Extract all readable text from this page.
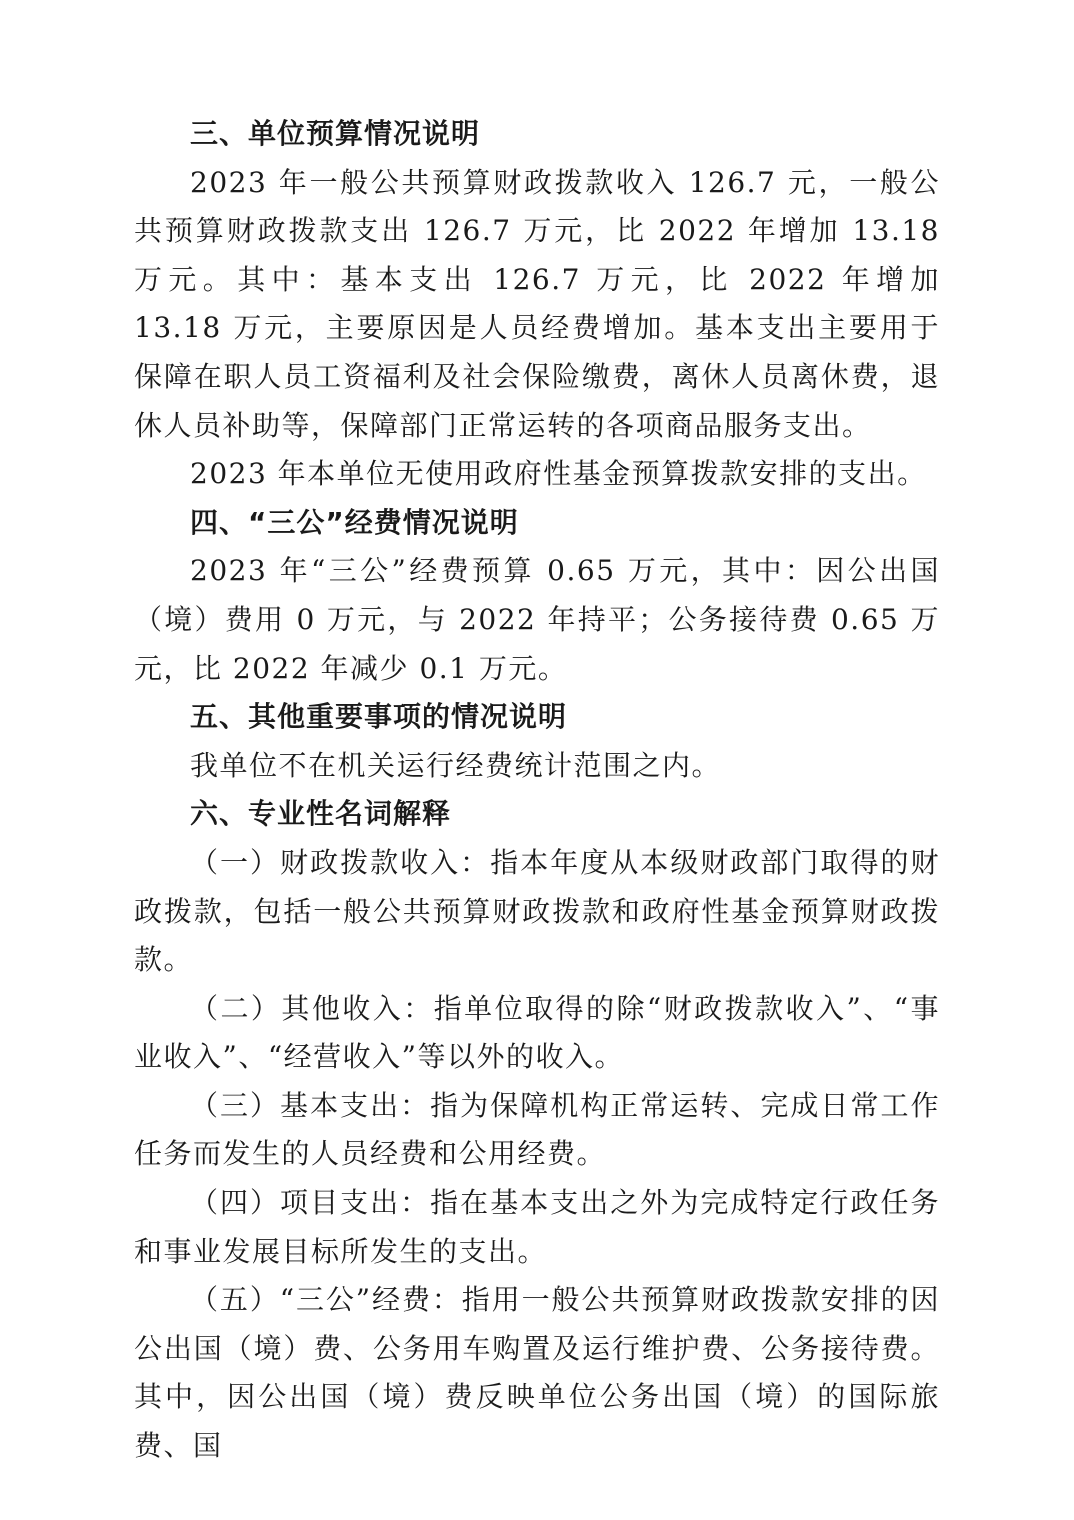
三、单位预算情况说明

2023 年一般公共预算财政拨款收入 126.7 元，一般公共预算财政拨款支出 126.7 万元，比 2022 年增加 13.18 万元。其中：基本支出 126.7 万元，比 2022 年增加 13.18 万元，主要原因是人员经费增加。基本支出主要用于保障在职人员工资福利及社会保险缴费，离休人员离休费，退休人员补助等，保障部门正常运转的各项商品服务支出。

2023 年本单位无使用政府性基金预算拨款安排的支出。

四、“三公”经费情况说明

2023 年“三公”经费预算 0.65 万元，其中：因公出国（境）费用 0 万元，与 2022 年持平；公务接待费 0.65 万元，比 2022 年减少 0.1 万元。

五、其他重要事项的情况说明

我单位不在机关运行经费统计范围之内。

六、专业性名词解释

（一）财政拨款收入：指本年度从本级财政部门取得的财政拨款，包括一般公共预算财政拨款和政府性基金预算财政拨款。

（二）其他收入：指单位取得的除“财政拨款收入”、“事业收入”、“经营收入”等以外的收入。

（三）基本支出：指为保障机构正常运转、完成日常工作任务而发生的人员经费和公用经费。

（四）项目支出：指在基本支出之外为完成特定行政任务和事业发展目标所发生的支出。

（五）“三公”经费：指用一般公共预算财政拨款安排的因公出国（境）费、公务用车购置及运行维护费、公务接待费。其中，因公出国（境）费反映单位公务出国（境）的国际旅费、国
